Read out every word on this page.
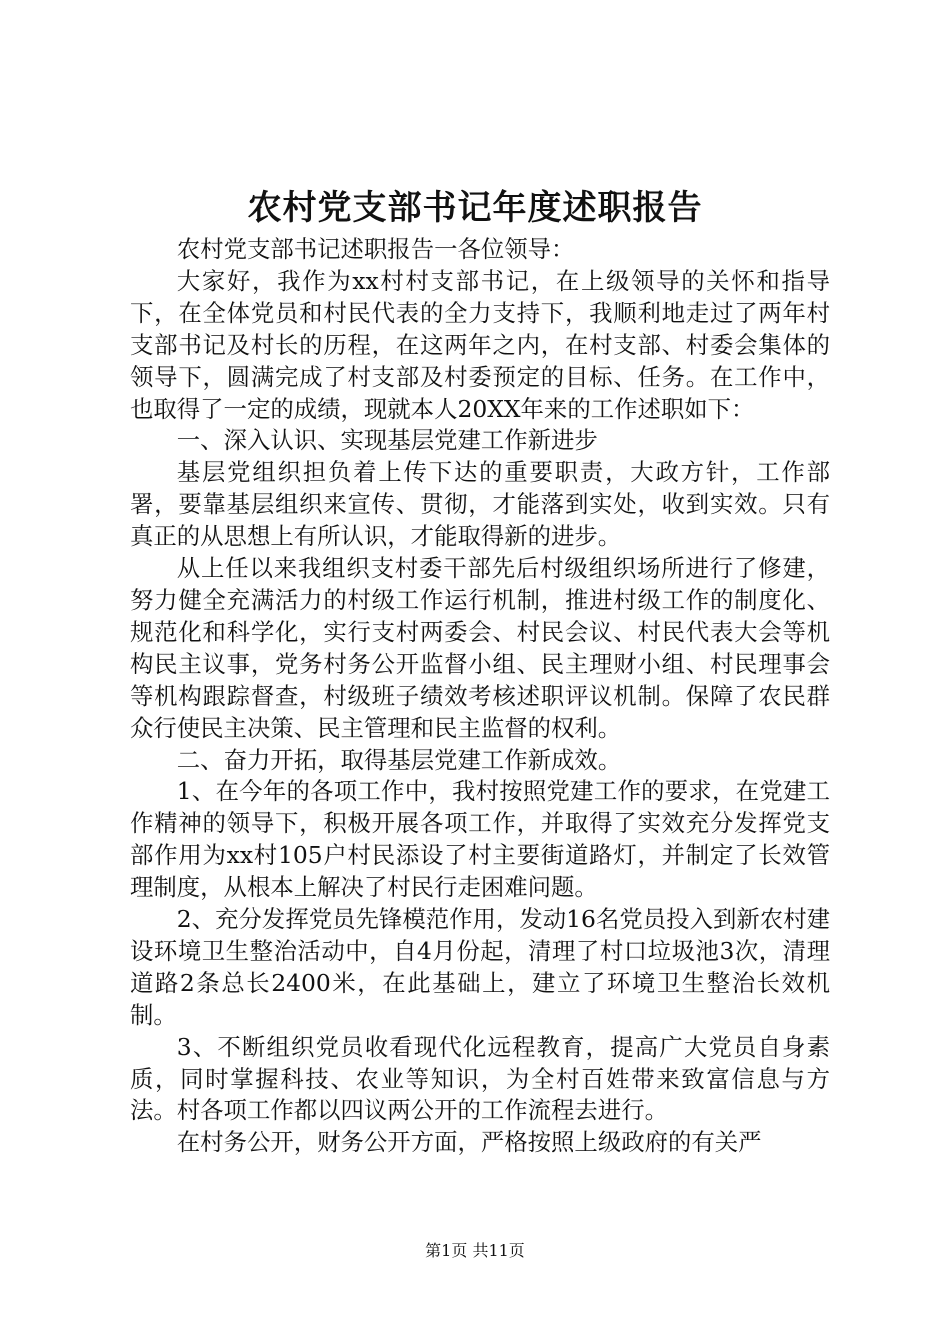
农村党支部书记年度述职报告

农村党支部书记述职报告一各位领导：

大家好，我作为xx村村支部书记，在上级领导的关怀和指导下，在全体党员和村民代表的全力支持下，我顺利地走过了两年村支部书记及村长的历程，在这两年之内，在村支部、村委会集体的领导下，圆满完成了村支部及村委预定的目标、任务。在工作中，也取得了一定的成绩，现就本人20XX年来的工作述职如下：

一、深入认识、实现基层党建工作新进步

基层党组织担负着上传下达的重要职责，大政方针，工作部署，要靠基层组织来宣传、贯彻，才能落到实处，收到实效。只有真正的从思想上有所认识，才能取得新的进步。

从上任以来我组织支村委干部先后村级组织场所进行了修建，努力健全充满活力的村级工作运行机制，推进村级工作的制度化、规范化和科学化，实行支村两委会、村民会议、村民代表大会等机构民主议事，党务村务公开监督小组、民主理财小组、村民理事会等机构跟踪督查，村级班子绩效考核述职评议机制。保障了农民群众行使民主决策、民主管理和民主监督的权利。

二、奋力开拓，取得基层党建工作新成效。

1、在今年的各项工作中，我村按照党建工作的要求，在党建工作精神的领导下，积极开展各项工作，并取得了实效充分发挥党支部作用为xx村105户村民添设了村主要街道路灯，并制定了长效管理制度，从根本上解决了村民行走困难问题。

2、充分发挥党员先锋模范作用，发动16名党员投入到新农村建设环境卫生整治活动中，自4月份起，清理了村口垃圾池3次，清理道路2条总长2400米，在此基础上，建立了环境卫生整治长效机制。

3、不断组织党员收看现代化远程教育，提高广大党员自身素质，同时掌握科技、农业等知识，为全村百姓带来致富信息与方法。村各项工作都以四议两公开的工作流程去进行。

在村务公开，财务公开方面，严格按照上级政府的有关严

第1页 共11页
